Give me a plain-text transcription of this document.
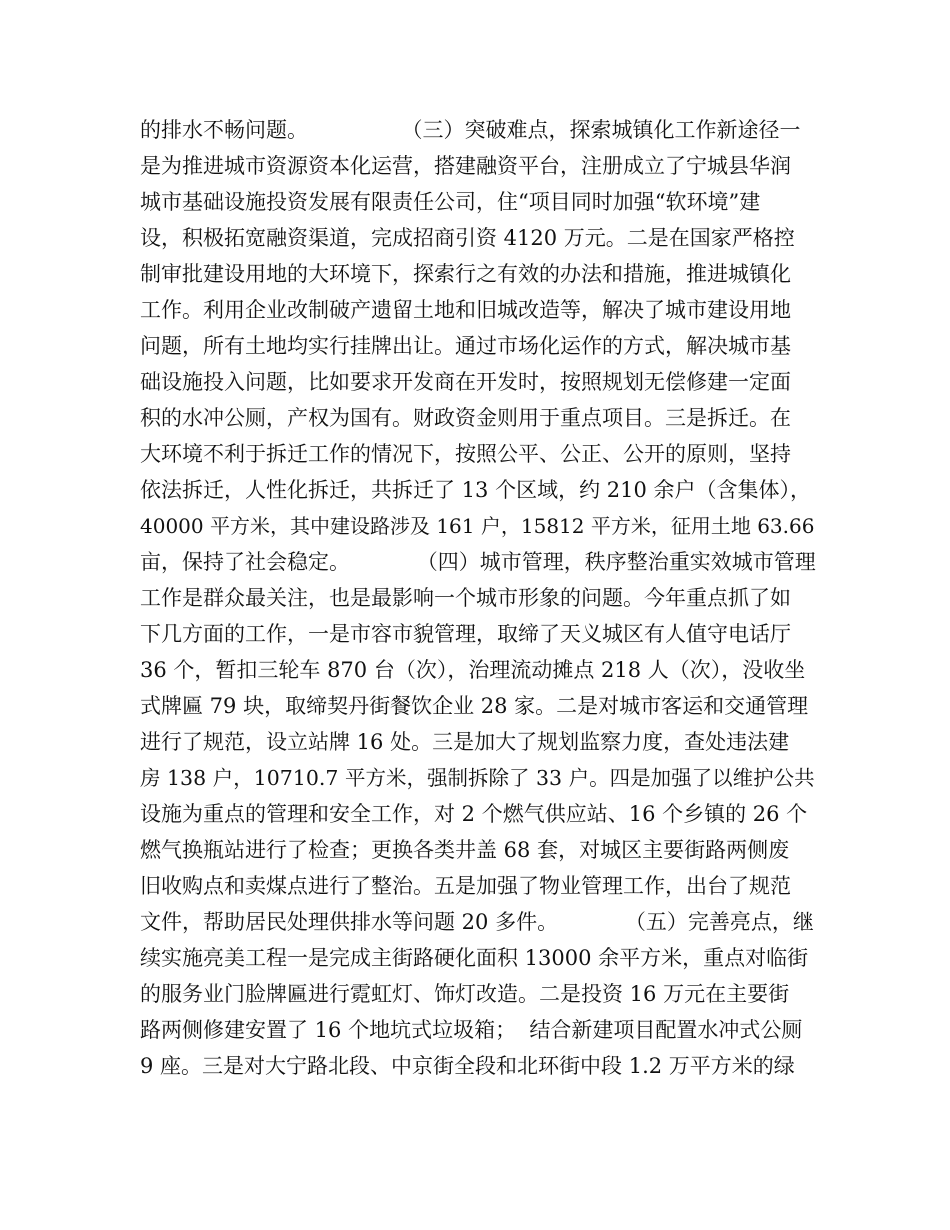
的排水不畅问题。              （三）突破难点，探索城镇化工作新途径一
是为推进城市资源资本化运营，搭建融资平台，注册成立了宁城县华润
城市基础设施投资发展有限责任公司，住“项目同时加强“软环境”建
设，积极拓宽融资渠道，完成招商引资 4120 万元。二是在国家严格控
制审批建设用地的大环境下，探索行之有效的办法和措施，推进城镇化
工作。利用企业改制破产遗留土地和旧城改造等，解决了城市建设用地
问题，所有土地均实行挂牌出让。通过市场化运作的方式，解决城市基
础设施投入问题，比如要求开发商在开发时，按照规划无偿修建一定面
积的水冲公厕，产权为国有。财政资金则用于重点项目。三是拆迁。在
大环境不利于拆迁工作的情况下，按照公平、公正、公开的原则，坚持
依法拆迁，人性化拆迁，共拆迁了 13 个区域，约 210 余户（含集体），
40000 平方米，其中建设路涉及 161 户，15812 平方米，征用土地 63.66
亩，保持了社会稳定。          （四）城市管理，秩序整治重实效城市管理
工作是群众最关注，也是最影响一个城市形象的问题。今年重点抓了如
下几方面的工作，一是市容市貌管理，取缔了天义城区有人值守电话厅
36 个，暂扣三轮车 870 台（次），治理流动摊点 218 人（次），没收坐
式牌匾 79 块，取缔契丹街餐饮企业 28 家。二是对城市客运和交通管理
进行了规范，设立站牌 16 处。三是加大了规划监察力度，查处违法建
房 138 户，10710.7 平方米，强制拆除了 33 户。四是加强了以维护公共
设施为重点的管理和安全工作，对 2 个燃气供应站、16 个乡镇的 26 个
燃气换瓶站进行了检查；更换各类井盖 68 套，对城区主要街路两侧废
旧收购点和卖煤点进行了整治。五是加强了物业管理工作，出台了规范
文件，帮助居民处理供排水等问题 20 多件。          （五）完善亮点，继
续实施亮美工程一是完成主街路硬化面积 13000 余平方米，重点对临街
的服务业门脸牌匾进行霓虹灯、饰灯改造。二是投资 16 万元在主要街
路两侧修建安置了 16 个地坑式垃圾箱；  结合新建项目配置水冲式公厕
9 座。三是对大宁路北段、中京街全段和北环街中段 1.2 万平方米的绿
